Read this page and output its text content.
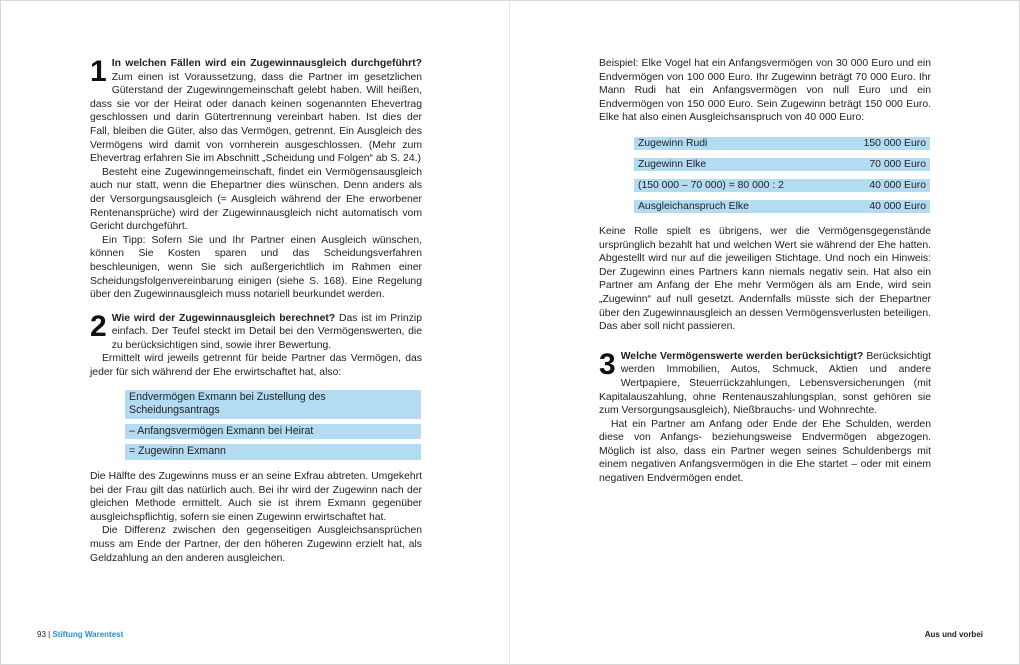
1 In welchen Fällen wird ein Zugewinnausgleich durchgeführt? Zum einen ist Voraussetzung, dass die Partner im gesetzlichen Güterstand der Zugewinngemeinschaft gelebt haben. Will heißen, dass sie vor der Heirat oder danach keinen sogenannten Ehevertrag geschlossen und darin Gütertrennung vereinbart haben. Ist dies der Fall, bleiben die Güter, also das Vermögen, getrennt. Ein Ausgleich des Vermögens wird damit von vornherein ausgeschlossen. (Mehr zum Ehevertrag erfahren Sie im Abschnitt „Scheidung und Folgen“ ab S. 24.)

Besteht eine Zugewinngemeinschaft, findet ein Vermögensausgleich auch nur statt, wenn die Ehepartner dies wünschen. Denn anders als der Versorgungsausgleich (= Ausgleich während der Ehe erworbener Rentenansprüche) wird der Zugewinnausgleich nicht automatisch vom Gericht durchgeführt.

Ein Tipp: Sofern Sie und Ihr Partner einen Ausgleich wünschen, können Sie Kosten sparen und das Scheidungsverfahren beschleunigen, wenn Sie sich außergerichtlich im Rahmen einer Scheidungsfolgenvereinbarung einigen (siehe S. 168). Eine Regelung über den Zugewinnausgleich muss notariell beurkundet werden.

2 Wie wird der Zugewinnausgleich berechnet? Das ist im Prinzip einfach. Der Teufel steckt im Detail bei den Vermögenswerten, die zu berücksichtigen sind, sowie ihrer Bewertung.

Ermittelt wird jeweils getrennt für beide Partner das Vermögen, das jeder für sich während der Ehe erwirtschaftet hat, also:

Endvermögen Exmann bei Zustellung des Scheidungsantrags
– Anfangsvermögen Exmann bei Heirat
= Zugewinn Exmann

Die Hälfte des Zugewinns muss er an seine Exfrau abtreten. Umgekehrt bei der Frau gilt das natürlich auch. Bei ihr wird der Zugewinn nach der gleichen Methode ermittelt. Auch sie ist ihrem Exmann gegenüber ausgleichspflichtig, sofern sie einen Zugewinn erwirtschaftet hat.

Die Differenz zwischen den gegenseitigen Ausgleichsansprüchen muss am Ende der Partner, der den höheren Zugewinn erzielt hat, als Geldzahlung an den anderen ausgleichen.

Beispiel: Elke Vogel hat ein Anfangsvermögen von 30 000 Euro und ein Endvermögen von 100 000 Euro. Ihr Zugewinn beträgt 70 000 Euro. Ihr Mann Rudi hat ein Anfangsvermögen von null Euro und ein Endvermögen von 150 000 Euro. Sein Zugewinn beträgt 150 000 Euro. Elke hat also einen Ausgleichsanspruch von 40 000 Euro:

Zugewinn Rudi	150 000 Euro
Zugewinn Elke	70 000 Euro
(150 000 – 70 000) = 80 000 : 2	40 000 Euro
Ausgleichanspruch Elke	40 000 Euro

Keine Rolle spielt es übrigens, wer die Vermögensgegenstände ursprünglich bezahlt hat und welchen Wert sie während der Ehe hatten. Abgestellt wird nur auf die jeweiligen Stichtage. Und noch ein Hinweis: Der Zugewinn eines Partners kann niemals negativ sein. Hat also ein Partner am Anfang der Ehe mehr Vermögen als am Ende, wird sein „Zugewinn“ auf null gesetzt. Andernfalls müsste sich der Ehepartner über den Zugewinnausgleich an dessen Vermögensverlusten beteiligen. Das aber soll nicht passieren.

3 Welche Vermögenswerte werden berücksichtigt? Berücksichtigt werden Immobilien, Autos, Schmuck, Aktien und andere Wertpapiere, Steuerrückzahlungen, Lebensversicherungen (mit Kapitalauszahlung, ohne Rentenauszahlungsplan, sonst gehören sie zum Versorgungsausgleich), Nießbrauchs- und Wohnrechte.

Hat ein Partner am Anfang oder Ende der Ehe Schulden, werden diese von Anfangs- beziehungsweise Endvermögen abgezogen. Möglich ist also, dass ein Partner wegen seines Schuldenbergs mit einem negativen Anfangsvermögen in die Ehe startet – oder mit einem negativen Endvermögen endet.

93 | Stiftung Warentest	Aus und vorbei
